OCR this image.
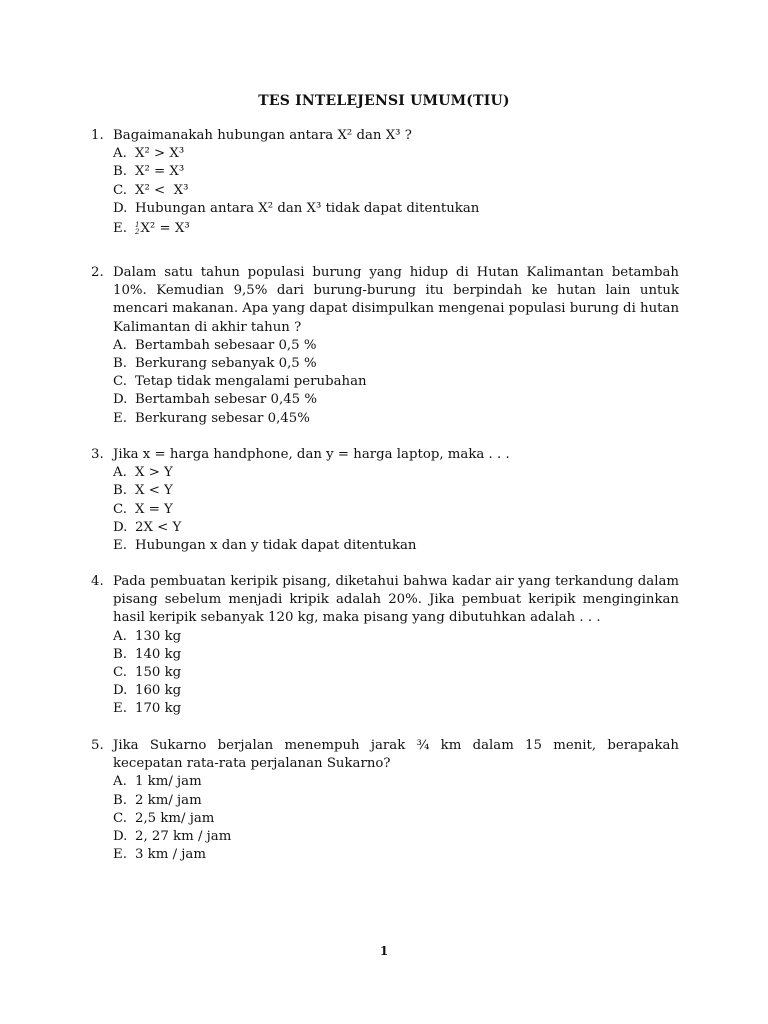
TES INTELEJENSI UMUM(TIU)
1. Bagaimanakah hubungan antara X² dan X³ ?
A. X² > X³
B. X² = X³
C. X² <  X³
D. Hubungan antara X² dan X³ tidak dapat ditentukan
E.	1
2 X² = X³
2. Dalam satu tahun populasi burung yang hidup di Hutan Kalimantan betambah 10%. Kemudian 9,5% dari burung-burung itu berpindah ke hutan lain untuk mencari makanan. Apa yang dapat disimpulkan mengenai populasi burung di hutan Kalimantan di akhir tahun ?
A. Bertambah sebesaar 0,5 %
B. Berkurang sebanyak 0,5 %
C. Tetap tidak mengalami perubahan
D. Bertambah sebesar 0,45 %
E. Berkurang sebesar 0,45%
3. Jika x = harga handphone, dan y = harga laptop, maka . . .
A. X > Y
B. X < Y
C. X = Y
D. 2X < Y
E. Hubungan x dan y tidak dapat ditentukan
4. Pada pembuatan keripik pisang, diketahui bahwa kadar air yang terkandung dalam pisang sebelum menjadi kripik adalah 20%. Jika pembuat keripik menginginkan hasil keripik sebanyak 120 kg, maka pisang yang dibutuhkan adalah . . .
A. 130 kg
B. 140 kg
C. 150 kg
D. 160 kg
E. 170 kg
5. Jika Sukarno berjalan menempuh jarak ¾ km dalam 15 menit, berapakah kecepatan rata-rata perjalanan Sukarno?
A. 1 km/ jam
B. 2 km/ jam
C. 2,5 km/ jam
D. 2, 27 km / jam
E. 3 km / jam
1
